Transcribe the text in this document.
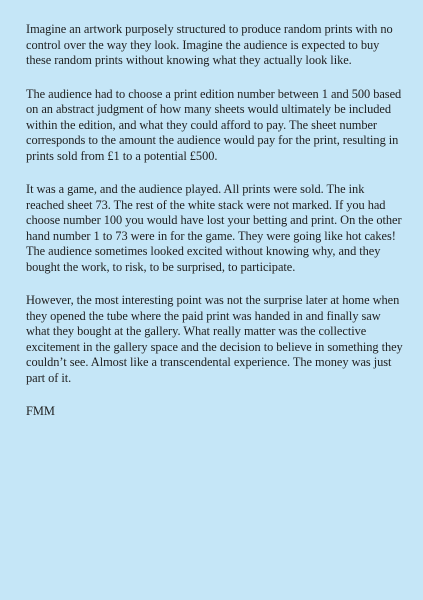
Imagine an artwork purposely structured to produce random prints with no control over the way they look. Imagine the audience is expected to buy these random prints without knowing what they actually look like.

The audience had to choose a print edition number between 1 and 500 based on an abstract judgment of how many sheets would ultimately be included within the edition, and what they could afford to pay. The sheet number corresponds to the amount the audience would pay for the print, resulting in prints sold from £1 to a potential £500.

It was a game, and the audience played. All prints were sold. The ink reached sheet 73. The rest of the white stack were not marked. If you had choose number 100 you would have lost your betting and print. On the other hand number 1 to 73 were in for the game. They were going like hot cakes! The audience sometimes looked excited without knowing why, and they bought the work, to risk, to be surprised, to participate.

However, the most interesting point was not the surprise later at home when they opened the tube where the paid print was handed in and finally saw what they bought at the gallery. What really matter was the collective excitement in the gallery space and the decision to believe in something they couldn’t see. Almost like a transcendental experience. The money was just part of it.

FMM
